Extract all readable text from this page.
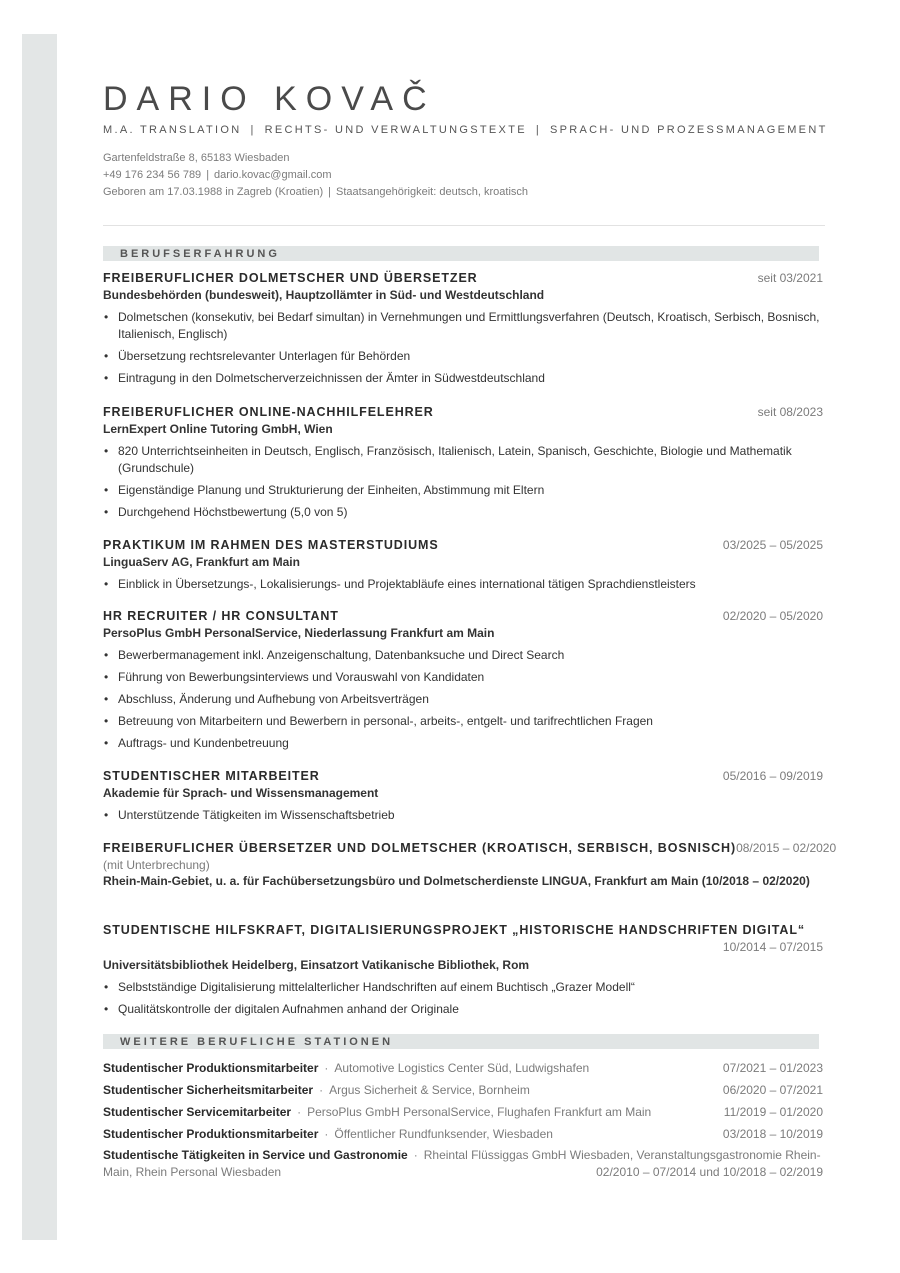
DARIO KOVAČ
M.A. TRANSLATION | RECHTS- UND VERWALTUNGSTEXTE | SPRACH- UND PROZESSMANAGEMENT
Gartenfeldstraße 8, 65183 Wiesbaden
+49 176 234 56 789 | dario.kovac@gmail.com
Geboren am 17.03.1988 in Zagreb (Kroatien) | Staatsangehörigkeit: deutsch, kroatisch
BERUFSERFAHRUNG
FREIBERUFLICHER DOLMETSCHER UND ÜBERSETZER	seit 03/2021
Bundesbehörden (bundesweit), Hauptzollämter in Süd- und Westdeutschland
• Dolmetschen (konsekutiv, bei Bedarf simultan) in Vernehmungen und Ermittlungsverfahren (Deutsch, Kroatisch, Serbisch, Bosnisch, Italienisch, Englisch)
• Übersetzung rechtsrelevanter Unterlagen für Behörden
• Eintragung in den Dolmetscherverzeichnissen der Ämter in Südwestdeutschland
FREIBERUFLICHER ONLINE-NACHHILFELEHRER	seit 08/2023
LernExpert Online Tutoring GmbH, Wien
• 820 Unterrichtseinheiten in Deutsch, Englisch, Französisch, Italienisch, Latein, Spanisch, Geschichte, Biologie und Mathematik (Grundschule)
• Eigenständige Planung und Strukturierung der Einheiten, Abstimmung mit Eltern
• Durchgehend Höchstbewertung (5,0 von 5)
PRAKTIKUM IM RAHMEN DES MASTERSTUDIUMS	03/2025 – 05/2025
LinguaServ AG, Frankfurt am Main
• Einblick in Übersetzungs-, Lokalisierungs- und Projektabläufe eines international tätigen Sprachdienstleisters
HR RECRUITER / HR CONSULTANT	02/2020 – 05/2020
PersoPlus GmbH PersonalService, Niederlassung Frankfurt am Main
• Bewerbermanagement inkl. Anzeigenschaltung, Datenbanksuche und Direct Search
• Führung von Bewerbungsinterviews und Vorauswahl von Kandidaten
• Abschluss, Änderung und Aufhebung von Arbeitsverträgen
• Betreuung von Mitarbeitern und Bewerbern in personal-, arbeits-, entgelt- und tarifrechtlichen Fragen
• Auftrags- und Kundenbetreuung
STUDENTISCHER MITARBEITER	05/2016 – 09/2019
Akademie für Sprach- und Wissensmanagement
• Unterstützende Tätigkeiten im Wissenschaftsbetrieb
FREIBERUFLICHER ÜBERSETZER UND DOLMETSCHER (KROATISCH, SERBISCH, BOSNISCH) 08/2015 – 02/2020
(mit Unterbrechung)
Rhein-Main-Gebiet, u. a. für Fachübersetzungsbüro und Dolmetscherdienste LINGUA, Frankfurt am Main (10/2018 – 02/2020)
STUDENTISCHE HILFSKRAFT, DIGITALISIERUNGSPROJEKT „HISTORISCHE HANDSCHRIFTEN DIGITAL“
10/2014 – 07/2015
Universitätsbibliothek Heidelberg, Einsatzort Vatikanische Bibliothek, Rom
• Selbstständige Digitalisierung mittelalterlicher Handschriften auf einem Buchtisch „Grazer Modell“
• Qualitätskontrolle der digitalen Aufnahmen anhand der Originale
WEITERE BERUFLICHE STATIONEN
Studentischer Produktionsmitarbeiter · Automotive Logistics Center Süd, Ludwigshafen	07/2021 – 01/2023
Studentischer Sicherheitsmitarbeiter · Argus Sicherheit & Service, Bornheim	06/2020 – 07/2021
Studentischer Servicemitarbeiter · PersoPlus GmbH PersonalService, Flughafen Frankfurt am Main	11/2019 – 01/2020
Studentischer Produktionsmitarbeiter · Öffentlicher Rundfunksender, Wiesbaden	03/2018 – 10/2019
Studentische Tätigkeiten in Service und Gastronomie · Rheintal Flüssiggas GmbH Wiesbaden, Veranstaltungsgastronomie Rhein-Main, Rhein Personal Wiesbaden	02/2010 – 07/2014 und 10/2018 – 02/2019
